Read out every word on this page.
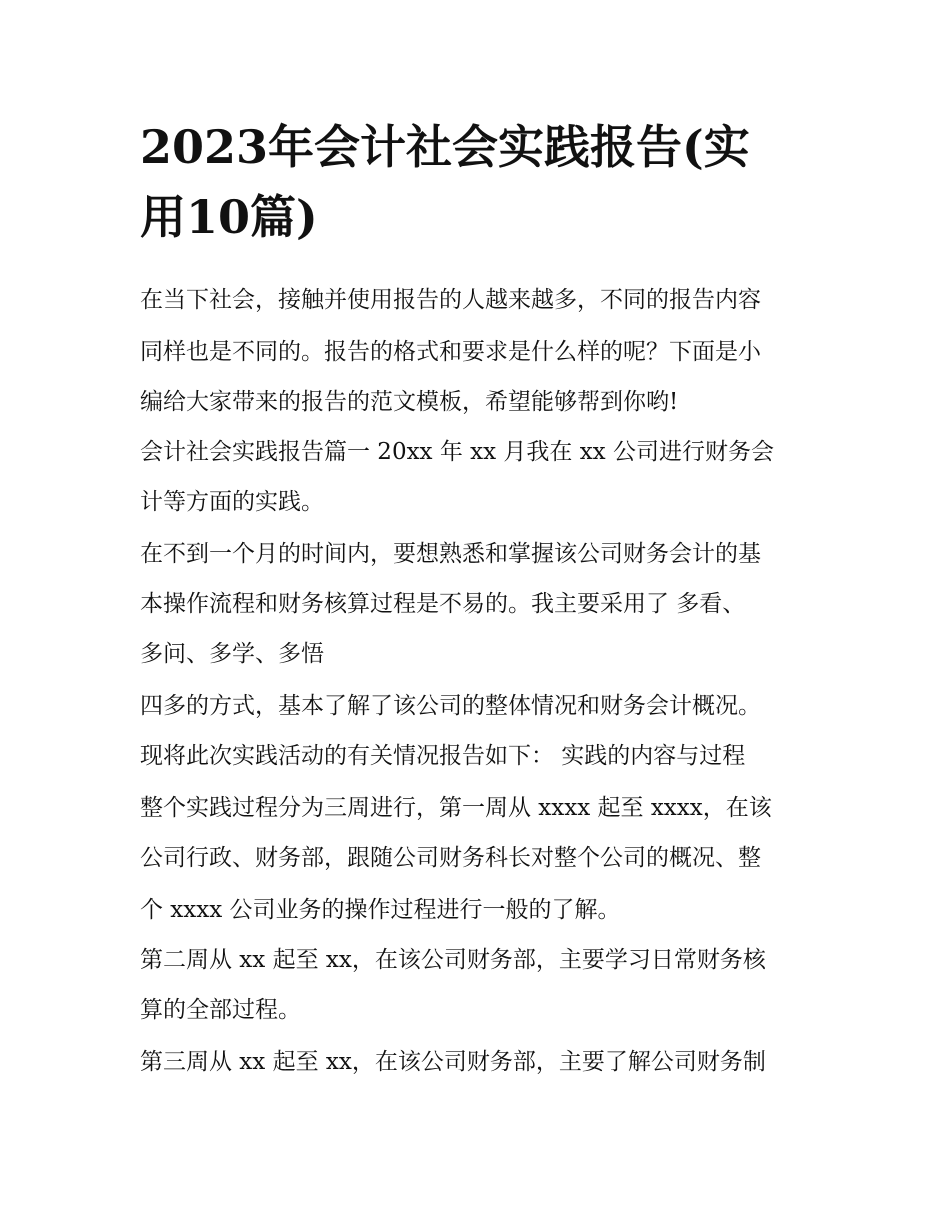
2023年会计社会实践报告(实
用10篇)

在当下社会，接触并使用报告的人越来越多，不同的报告内容

同样也是不同的。报告的格式和要求是什么样的呢？下面是小

编给大家带来的报告的范文模板，希望能够帮到你哟!

会计社会实践报告篇一 20xx 年 xx 月我在 xx 公司进行财务会

计等方面的实践。

在不到一个月的时间内，要想熟悉和掌握该公司财务会计的基

本操作流程和财务核算过程是不易的。我主要采用了 多看、

多问、多学、多悟

四多的方式，基本了解了该公司的整体情况和财务会计概况。

现将此次实践活动的有关情况报告如下： 实践的内容与过程

整个实践过程分为三周进行，第一周从 xxxx 起至 xxxx，在该

公司行政、财务部，跟随公司财务科长对整个公司的概况、整

个 xxxx 公司业务的操作过程进行一般的了解。

第二周从 xx 起至 xx，在该公司财务部，主要学习日常财务核

算的全部过程。

第三周从 xx 起至 xx，在该公司财务部，主要了解公司财务制
